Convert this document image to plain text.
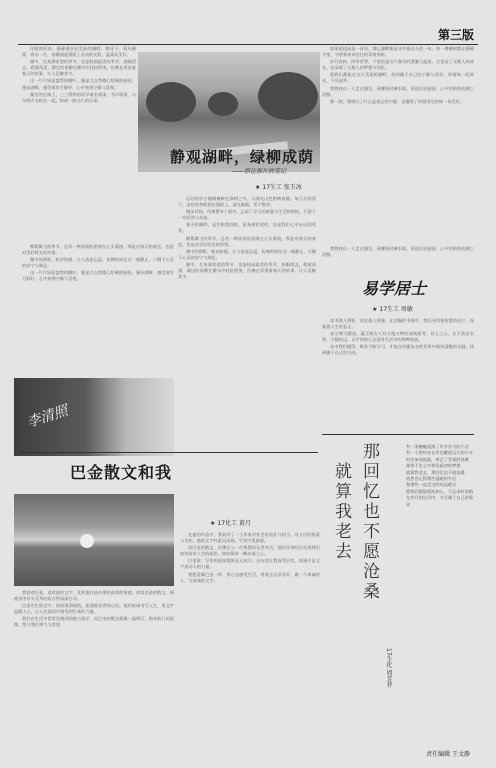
第三版

伴随初而来，静静漫步在美丽的湖畔，期待下，清风拂面，春水一片，春潮涌起湖面上灵动的光影，温柔而美好。

湖中，在充满希望的季节，也是校园最美的季节，放眼望去，碧波荡漾，湖边的垂柳在微风中轻轻摇曳，仿佛在诉说着春天的故事，让人沉醉其中。

这一片片绿意盎然的柳叶，像是大自然精心绘制的画卷。漫步湖畔，感受着岁月静好，心中充满宁静与喜悦。

湖边的长椅上，三三两两的同学或坐或读，书声琅琅，与鸟鸣声交织在一起，构成一曲动人的乐章。

如果说校园是一首诗，那么湖畔便是诗中最动人的一句。每一棵柳树都在静静守望，守望着来来往往的青春身影。

岁月流转，四季更替，不变的是这片湖水的澄澈与温柔。它见证了无数人的成长，也承载了无数人的梦想与回忆。

愿我们都能在这片美丽的湖畔，找到属于自己的宁静与美好，珍惜每一段时光，不负韶华。

我曾独自一人走在湖边，看柳枝轻拂水面，荡起层层涟漪，心中的烦恼也随之消散。

那一刻，我明白了什么是真正的宁静，也懂得了珍惜身边的每一份美好。

静观湖畔，绿柳成荫
——抓住那片的笔记
★ 17生工 张玉冰

远处的亭台楼阁掩映在绿树之中，与湖光山色相映成趣。每当夕阳西下，金色的余晖洒在湖面上，波光粼粼，美不胜收。

漫步其间，仿佛置身于画中，忘却了学习的疲惫与生活的烦恼，只留下一份恬淡与从容。

春天的湖畔，是生机勃勃的，是充满希望的，也是我们心中永远的风景。

柳絮飘飞的季节，总有一种淡淡的思绪在心头萦绕，那是对春天的眷恋，也是对美好时光的珍惜。

湖中的倒影，如诗如画，让人流连忘返，仿佛时间在这一刻静止，只剩下心灵的安宁与满足。

湖中，在充满希望的季节，也是校园最美的季节，放眼望去，碧波荡漾，湖边的垂柳在微风中轻轻摇曳，仿佛在诉说着春天的故事，让人沉醉其中。

柳絮飘飞的季节，总有一种淡淡的思绪在心头萦绕，那是对春天的眷恋，也是对美好时光的珍惜。

湖中的倒影，如诗如画，让人流连忘返，仿佛时间在这一刻静止，只剩下心灵的安宁与满足。

这一片片绿意盎然的柳叶，像是大自然精心绘制的画卷。漫步湖畔，感受着岁月静好，心中充满宁静与喜悦。

李清照

我曾独自一人走在湖边，看柳枝轻拂水面，荡起层层涟漪，心中的烦恼也随之消散。

易学居士
★ 17生工 周敏

读书使人明智，读史使人明鉴。在浩瀚的书海中，我们寻找着智慧的光芒，探索着人生的意义。

易学博大精深，蕴含着古人对天地万物的深刻思考。居士之心，在于淡泊名利，宁静致远，以平和的心态面对生活中的种种挑战。

从中我们懂得，唯有不断学习，才能在纷繁复杂的世界中保持清醒的头脑，找到属于自己的方向。

巴金散文和我
★ 17化工 黄月

我喜欢巴金，喜欢他的文字，喜欢他作品中那份真挚的情感。初读巴金的散文，便被其中朴实无华的语言所深深打动。

巴金先生的文字，如同涓涓细流，流淌进读者的心田。他用真诚书写人生，用文字温暖人心，让人在阅读中感受到生命的力量。

我们在生活中常常会遇到困惑与迷茫，而巴金的散文就像一盏明灯，照亮前行的道路，给予我们勇气与希望。

在他的作品中，我看到了一个作家对社会的责任与担当，对人民的热爱与关怀。他的文字朴素而深刻，平淡中见真情。

读巴金的散文，仿佛在与一位智慧的长者对话，他用亲身经历告诉我们如何面对人生的起伏，如何保持一颗赤诚之心。

巴金说：写作的最高境界是无技巧。这句话让我深受启发，真诚才是文字最动人的力量。

我愿意像巴金一样，用心去感受生活，用笔去记录美好，做一个真诚的人，写真诚的文字。	那回忆也不愿沧桑
就算我老去
17生化 周芳菲
有一条蜿蜒流淌了许多岁月的小河
有一个曾经站在岸边眺望远方的少年
时光匆匆流逝，带走了青春的容颜
却带不走心中那份最初的梦想
就算我老去，那回忆也不愿沧桑
依然会记得那些温暖的午后
和那些一起走过的风雨晴天
愿我们都能保持初心，不忘来时的路
在岁月的长河中，书写属于自己的篇章
责任编辑 王文静
